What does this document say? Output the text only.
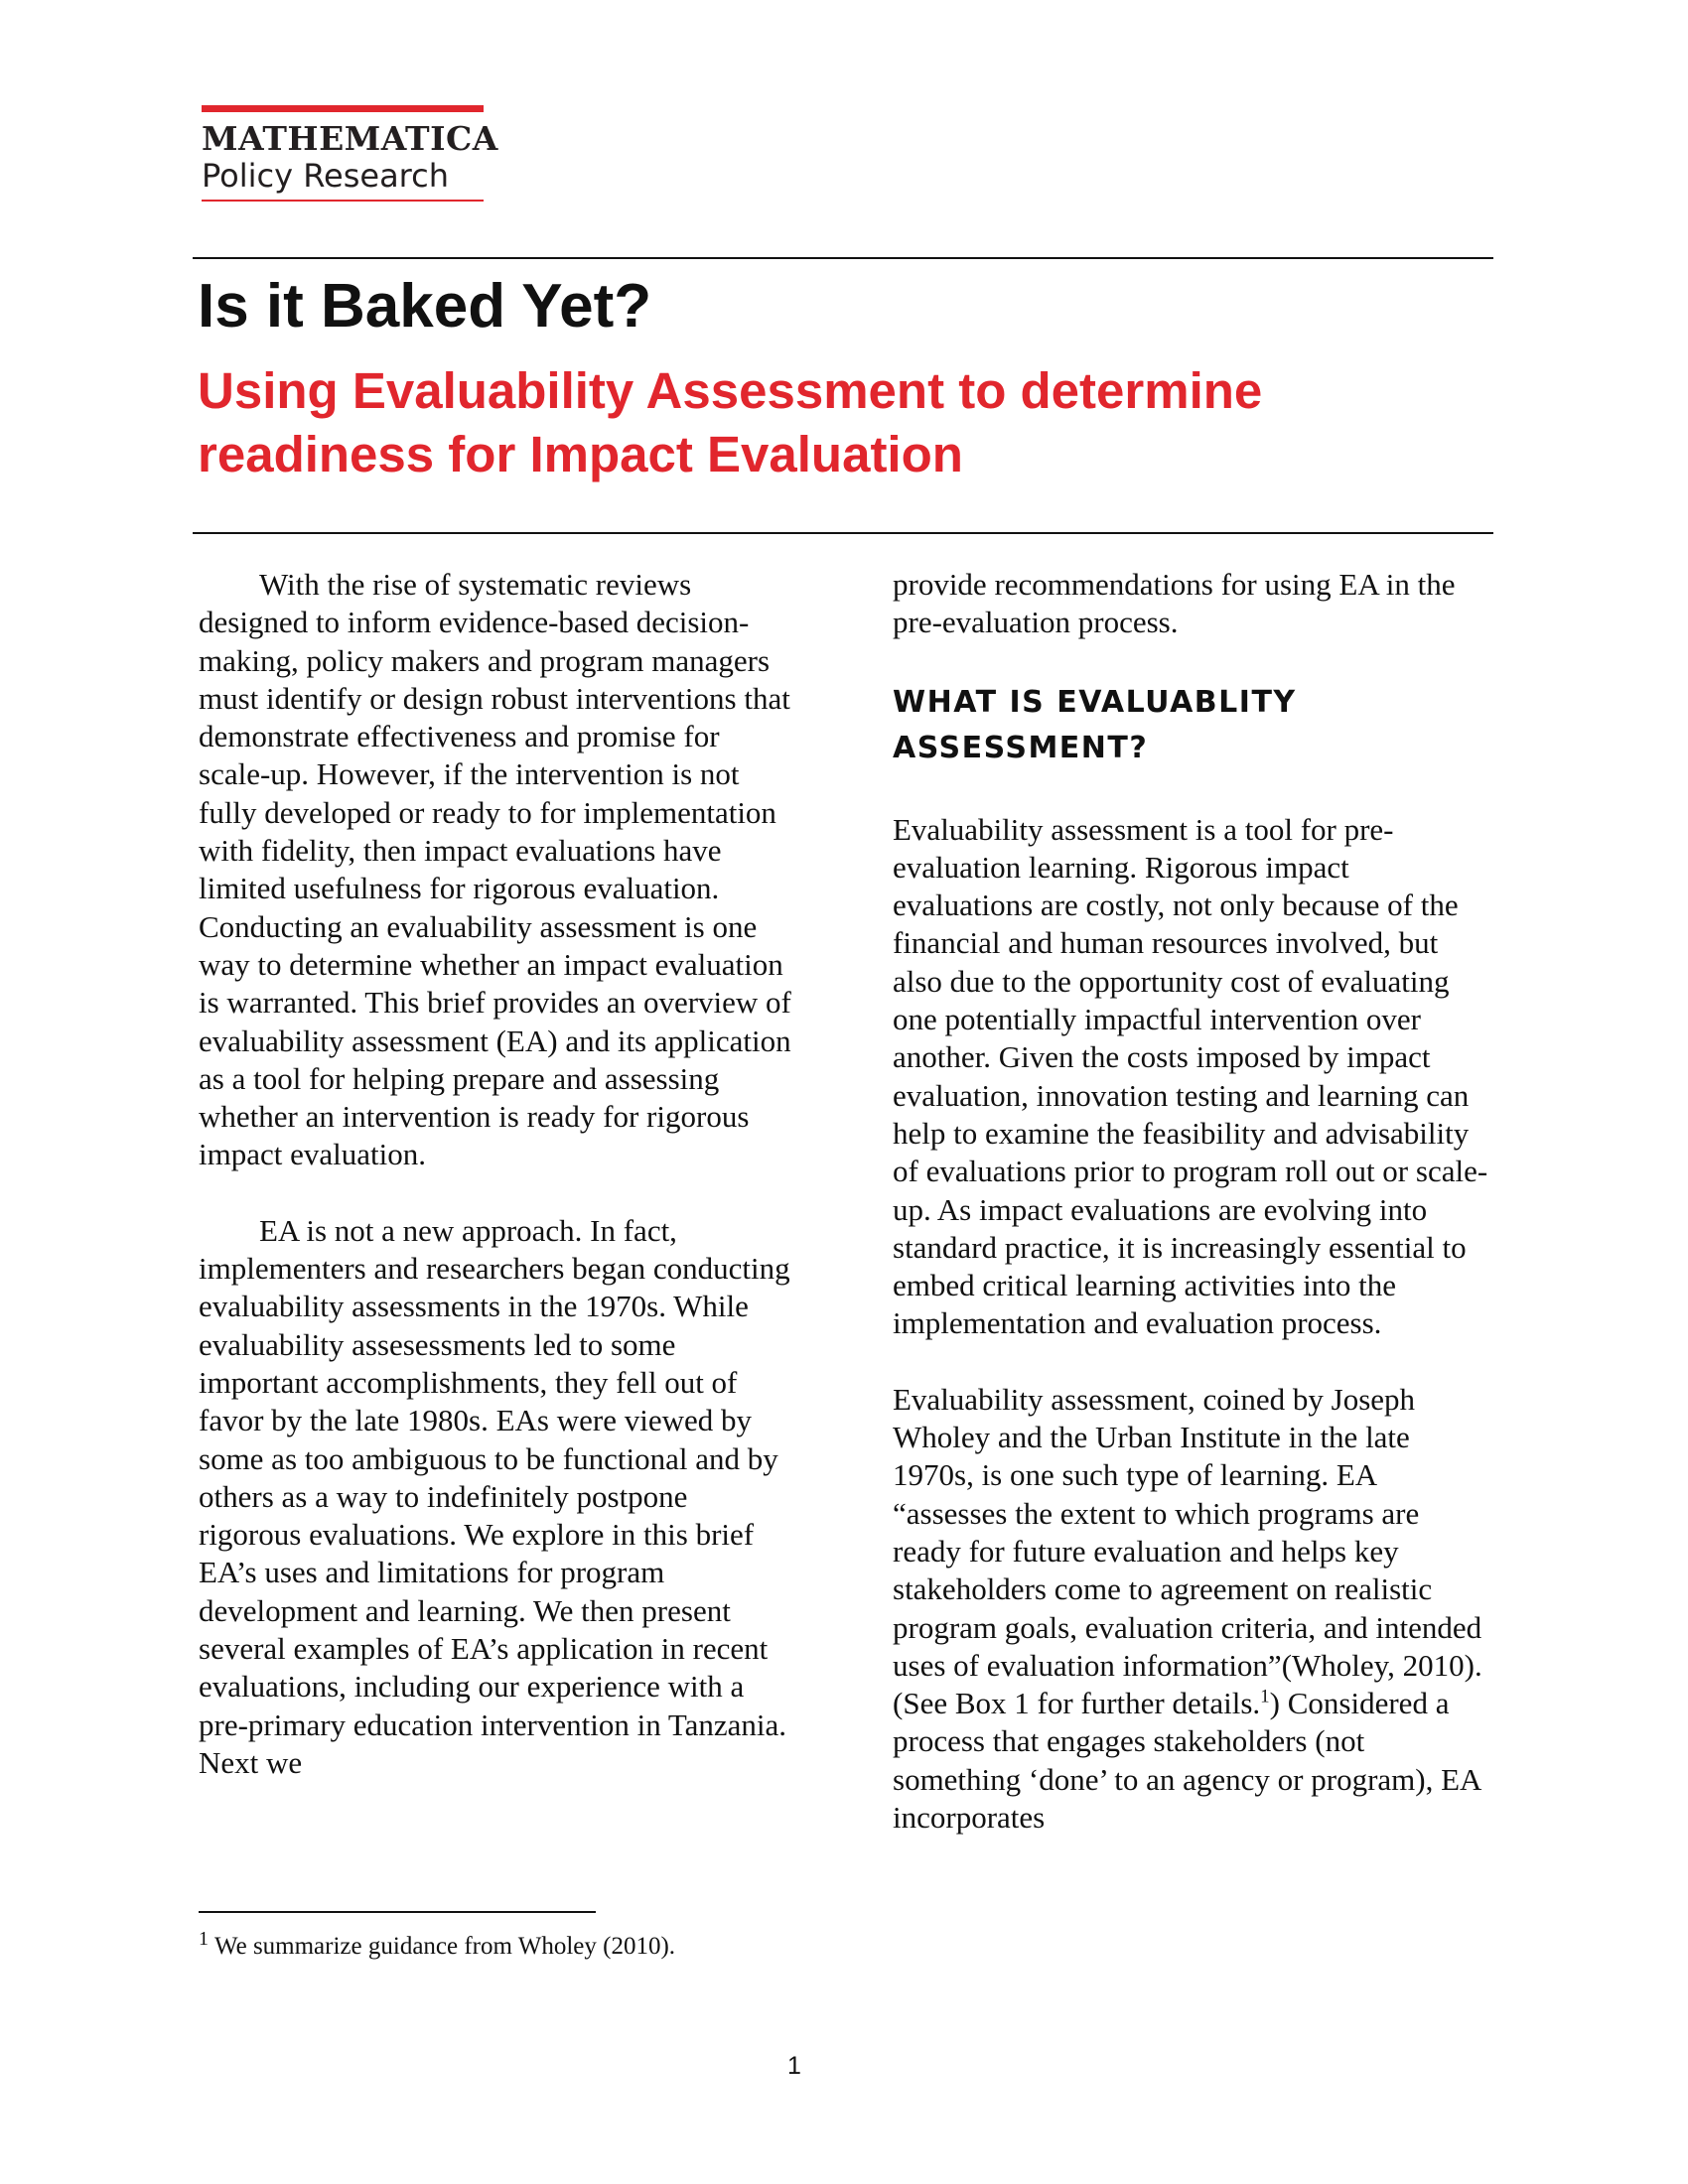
MATHEMATICA
Policy Research
Is it Baked Yet?
Using Evaluability Assessment to determine readiness for Impact Evaluation

With the rise of systematic reviews designed to inform evidence-based decision-making, policy makers and program managers must identify or design robust interventions that demonstrate effectiveness and promise for scale-up. However, if the intervention is not fully developed or ready to for implementation with fidelity, then impact evaluations have limited usefulness for rigorous evaluation. Conducting an evaluability assessment is one way to determine whether an impact evaluation is warranted. This brief provides an overview of evaluability assessment (EA) and its application as a tool for helping prepare and assessing whether an intervention is ready for rigorous impact evaluation.

EA is not a new approach. In fact, implementers and researchers began conducting evaluability assessments in the 1970s. While evaluability assesessments led to some important accomplishments, they fell out of favor by the late 1980s. EAs were viewed by some as too ambiguous to be functional and by others as a way to indefinitely postpone rigorous evaluations. We explore in this brief EA’s uses and limitations for program development and learning. We then present several examples of EA’s application in recent evaluations, including our experience with a pre-primary education intervention in Tanzania. Next we

provide recommendations for using EA in the pre-evaluation process.

WHAT IS EVALUABLITY
ASSESSMENT?

Evaluability assessment is a tool for pre-evaluation learning. Rigorous impact evaluations are costly, not only because of the financial and human resources involved, but also due to the opportunity cost of evaluating one potentially impactful intervention over another. Given the costs imposed by impact evaluation, innovation testing and learning can help to examine the feasibility and advisability of evaluations prior to program roll out or scale-up. As impact evaluations are evolving into standard practice, it is increasingly essential to embed critical learning activities into the implementation and evaluation process.

Evaluability assessment, coined by Joseph Wholey and the Urban Institute in the late 1970s, is one such type of learning. EA “assesses the extent to which programs are ready for future evaluation and helps key stakeholders come to agreement on realistic program goals, evaluation criteria, and intended uses of evaluation information”(Wholey, 2010). (See Box 1 for further details.$^1$) Considered a process that engages stakeholders (not something ‘done’ to an agency or program), EA incorporates

$^1$ We summarize guidance from Wholey (2010).
1
